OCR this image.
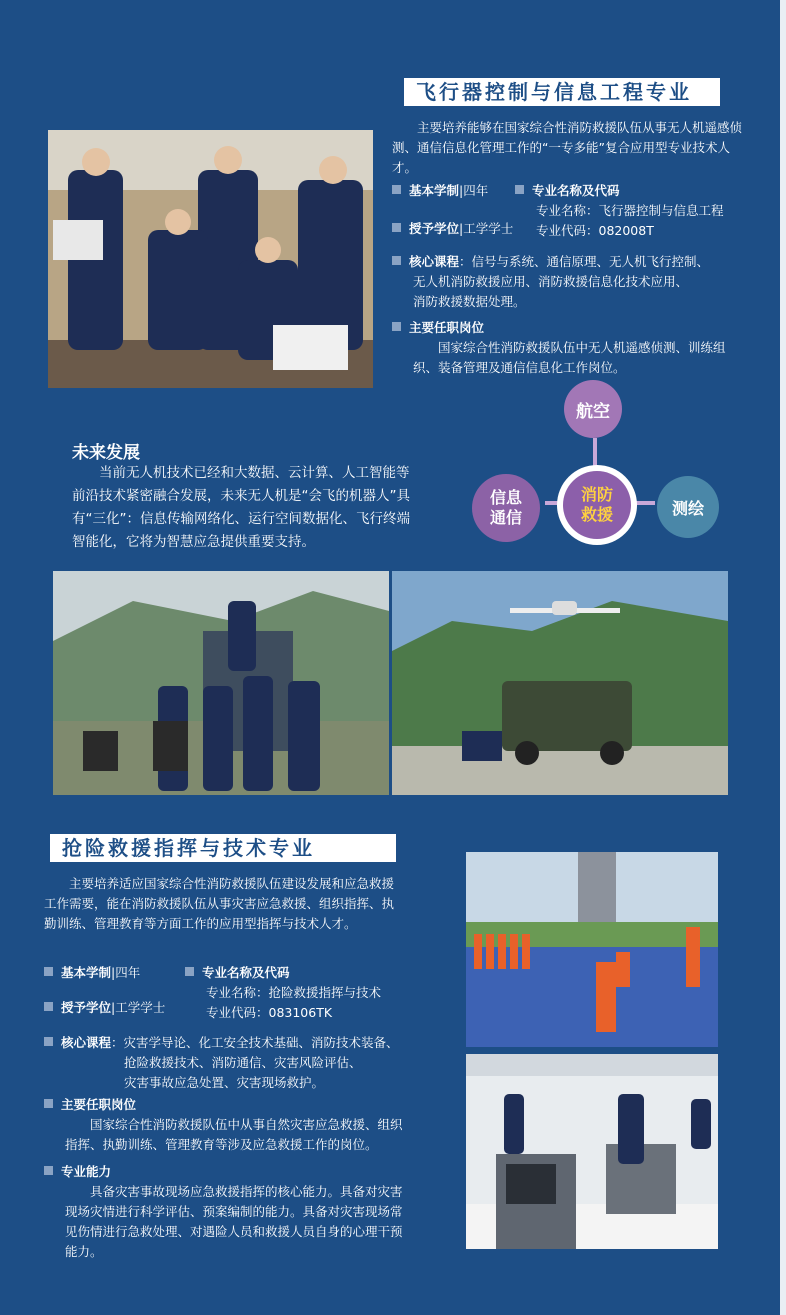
飞行器控制与信息工程专业
主要培养能够在国家综合性消防救援队伍从事无人机遥感侦测、通信信息化管理工作的“一专多能”复合应用型专业技术人才。
基本学制|四年
授予学位|工学学士
专业名称及代码
专业名称：飞行器控制与信息工程
专业代码：082008T
核心课程：信号与系统、通信原理、无人机飞行控制、
无人机消防救援应用、消防救援信息化技术应用、
消防救援数据处理。
主要任职岗位
国家综合性消防救援队伍中无人机遥感侦测、训练组织、装备管理及通信信息化工作岗位。
航空
信息通信	测绘
消防救援
未来发展
当前无人机技术已经和大数据、云计算、人工智能等前沿技术紧密融合发展，未来无人机是“会飞的机器人”具有“三化”：信息传输网络化、运行空间数据化、飞行终端智能化，它将为智慧应急提供重要支持。
抢险救援指挥与技术专业
主要培养适应国家综合性消防救援队伍建设发展和应急救援工作需要，能在消防救援队伍从事灾害应急救援、组织指挥、执勤训练、管理教育等方面工作的应用型指挥与技术人才。
基本学制|四年
授予学位|工学学士
专业名称及代码
专业名称：抢险救援指挥与技术
专业代码：083106TK
核心课程：灾害学导论、化工安全技术基础、消防技术装备、
抢险救援技术、消防通信、灾害风险评估、
灾害事故应急处置、灾害现场救护。
主要任职岗位
国家综合性消防救援队伍中从事自然灾害应急救援、组织指挥、执勤训练、管理教育等涉及应急救援工作的岗位。
专业能力
具备灾害事故现场应急救援指挥的核心能力。具备对灾害现场灾情进行科学评估、预案编制的能力。具备对灾害现场常见伤情进行急救处理、对遇险人员和救援人员自身的心理干预能力。
